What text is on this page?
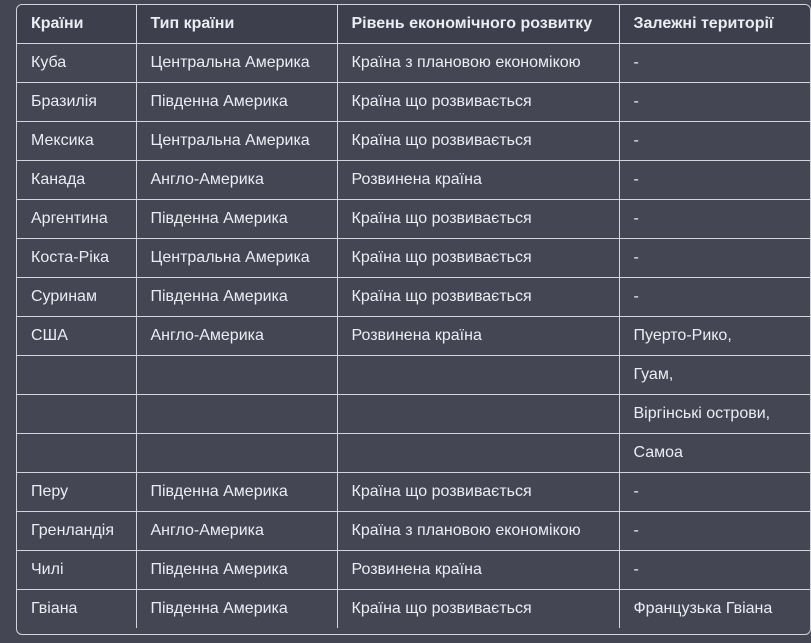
Країни	Тип країни	Рівень економічного розвитку	Залежні території
Куба	Центральна Америка	Країна з плановою економікою	-
Бразилія	Південна Америка	Країна що розвивається	-
Мексика	Центральна Америка	Країна що розвивається	-
Канада	Англо-Америка	Розвинена країна	-
Аргентина	Південна Америка	Країна що розвивається	-
Коста-Ріка	Центральна Америка	Країна що розвивається	-
Суринам	Південна Америка	Країна що розвивається	-
США	Англо-Америка	Розвинена країна	Пуерто-Рико,
			Гуам,
			Віргінські острови,
			Самоа
Перу	Південна Америка	Країна що розвивається	-
Гренландія	Англо-Америка	Країна з плановою економікою	-
Чилі	Південна Америка	Розвинена країна	-
Гвіана	Південна Америка	Країна що розвивається	Французька Гвіана
